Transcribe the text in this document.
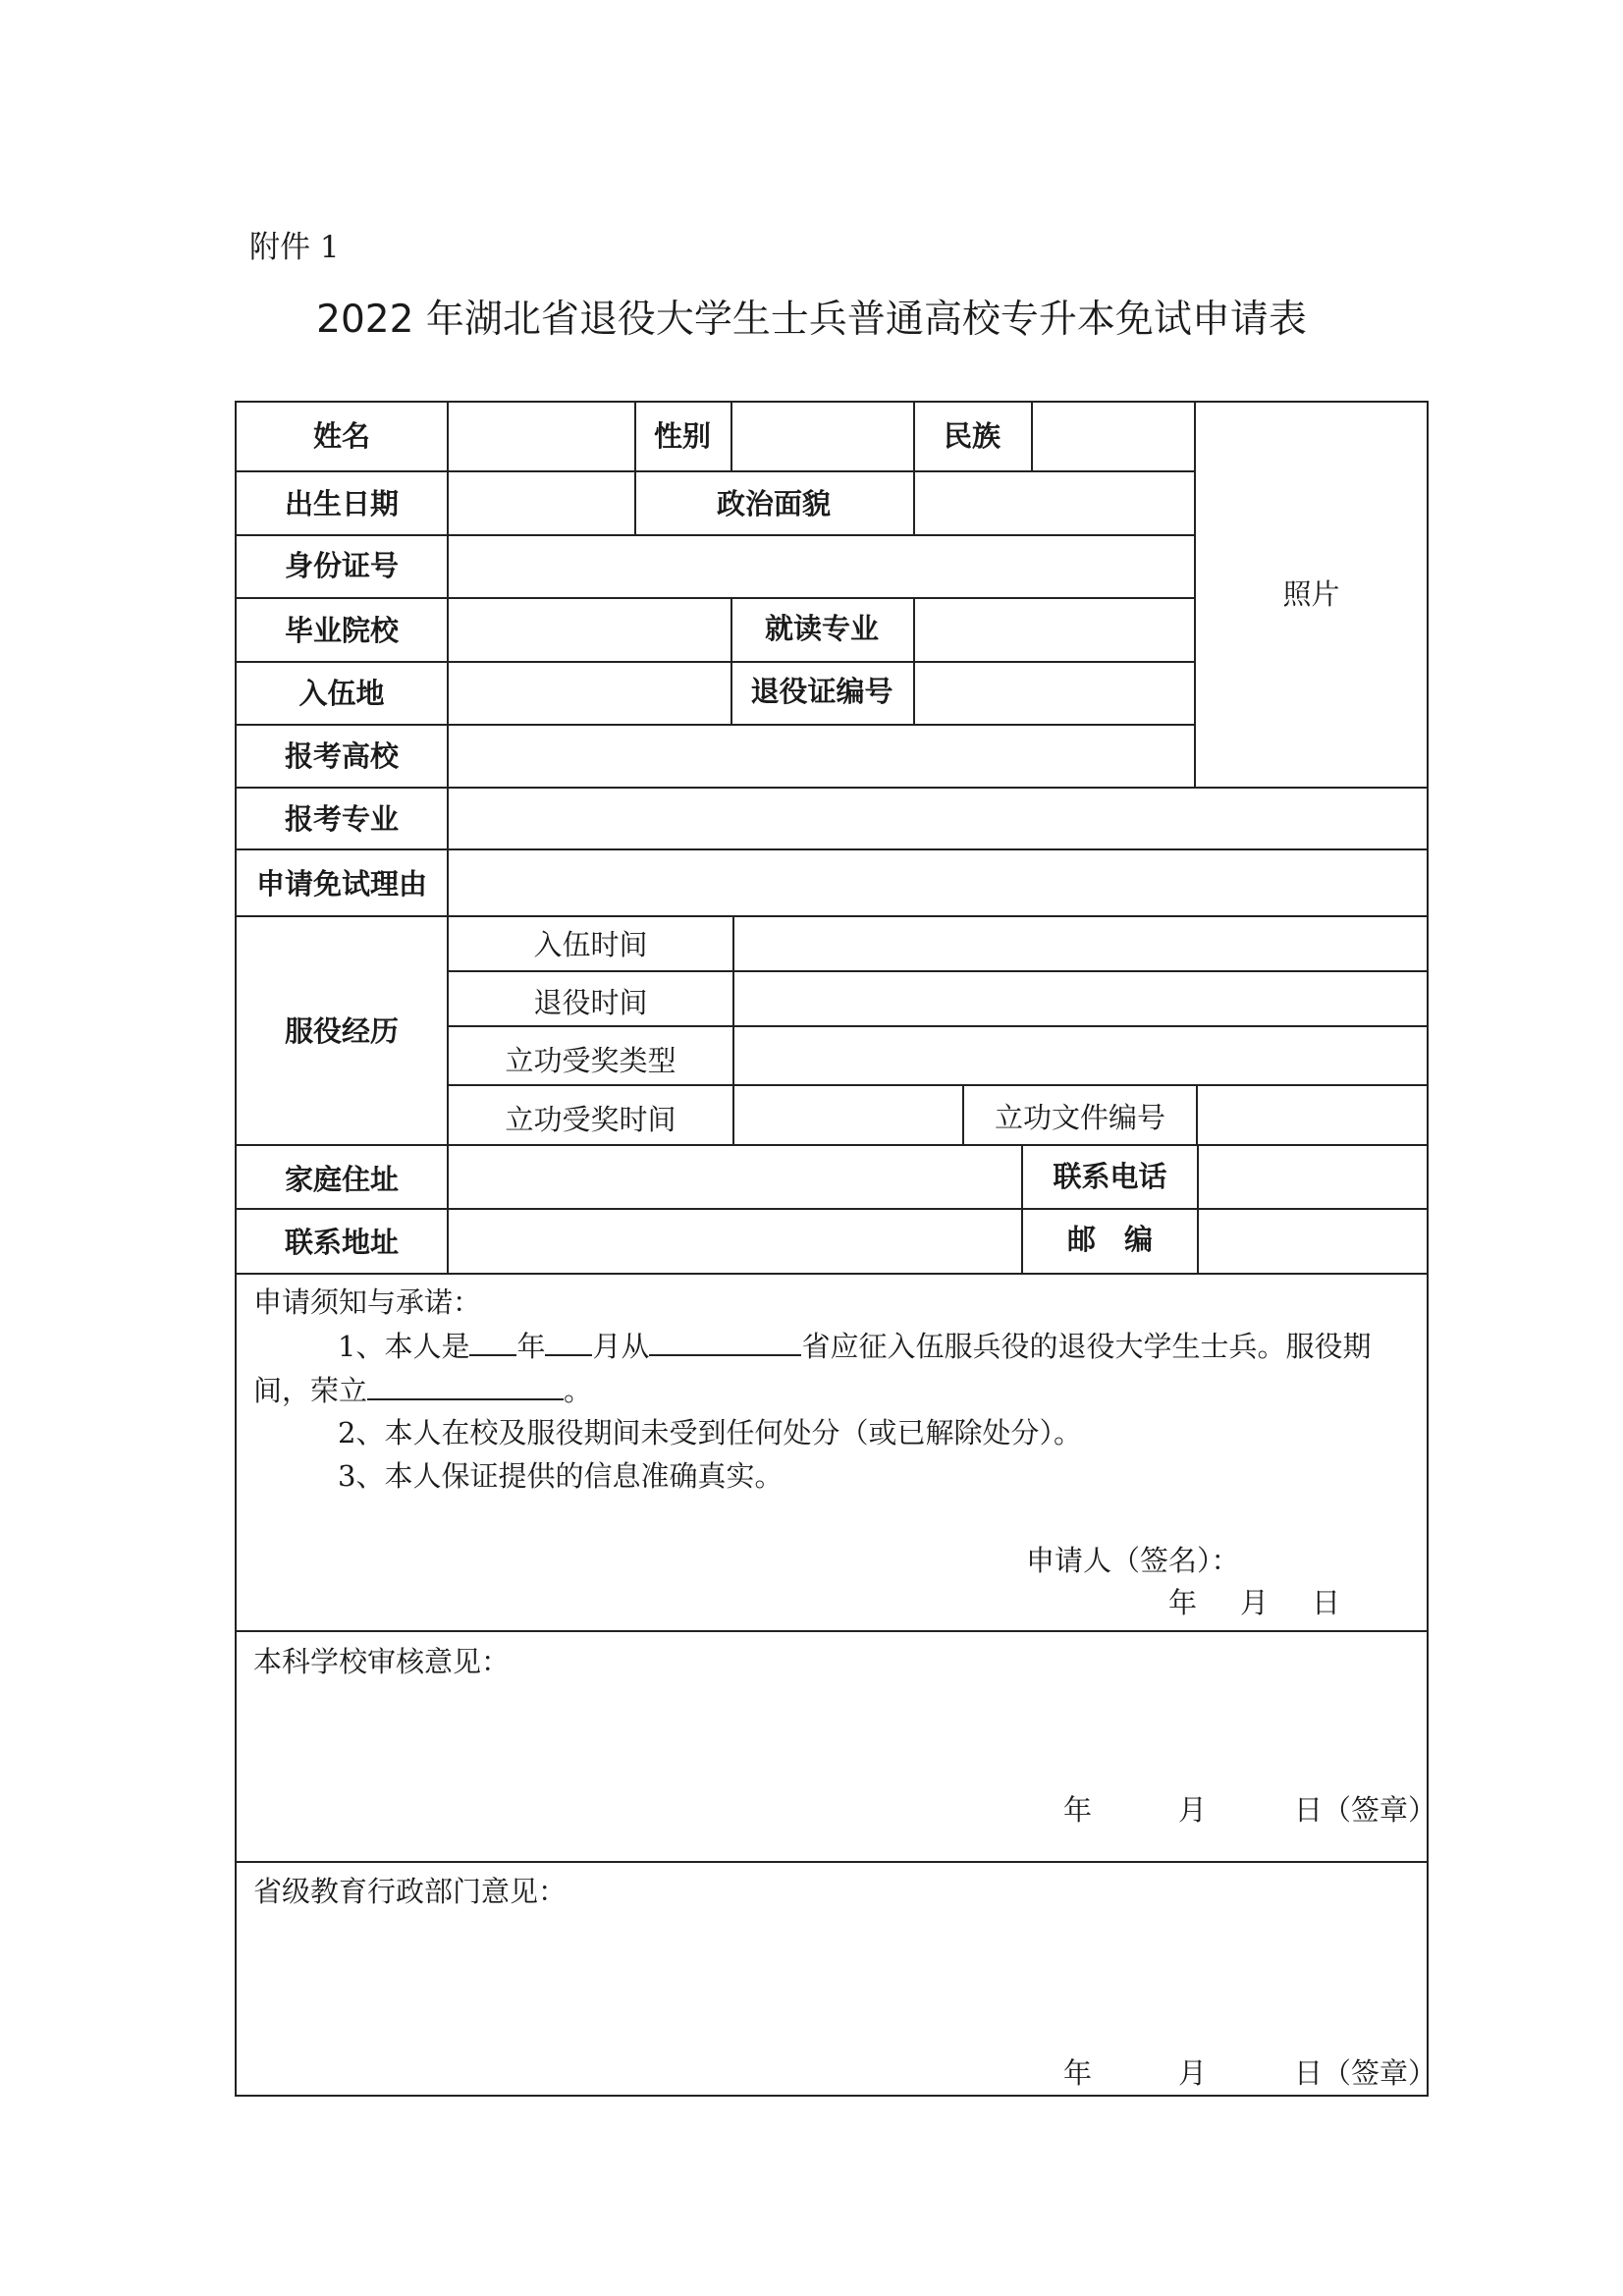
附件 1
2022 年湖北省退役大学生士兵普通高校专升本免试申请表
姓名	性别	民族
照片
出生日期	政治面貌
身份证号
毕业院校	就读专业
入伍地	退役证编号
报考高校
报考专业
申请免试理由
服役经历
入伍时间
退役时间
立功受奖类型
立功受奖时间	立功文件编号
家庭住址	联系电话
联系地址	邮　编
申请须知与承诺：
1、本人是 年 月从	省应征入伍服兵役的退役大学生士兵。服役期
间，荣立	。
2、本人在校及服役期间未受到任何处分（或已解除处分）。
3、本人保证提供的信息准确真实。
申请人（签名）：
年 月 日
本科学校审核意见：
年	月	日（签章）
省级教育行政部门意见：
年	月	日（签章）
